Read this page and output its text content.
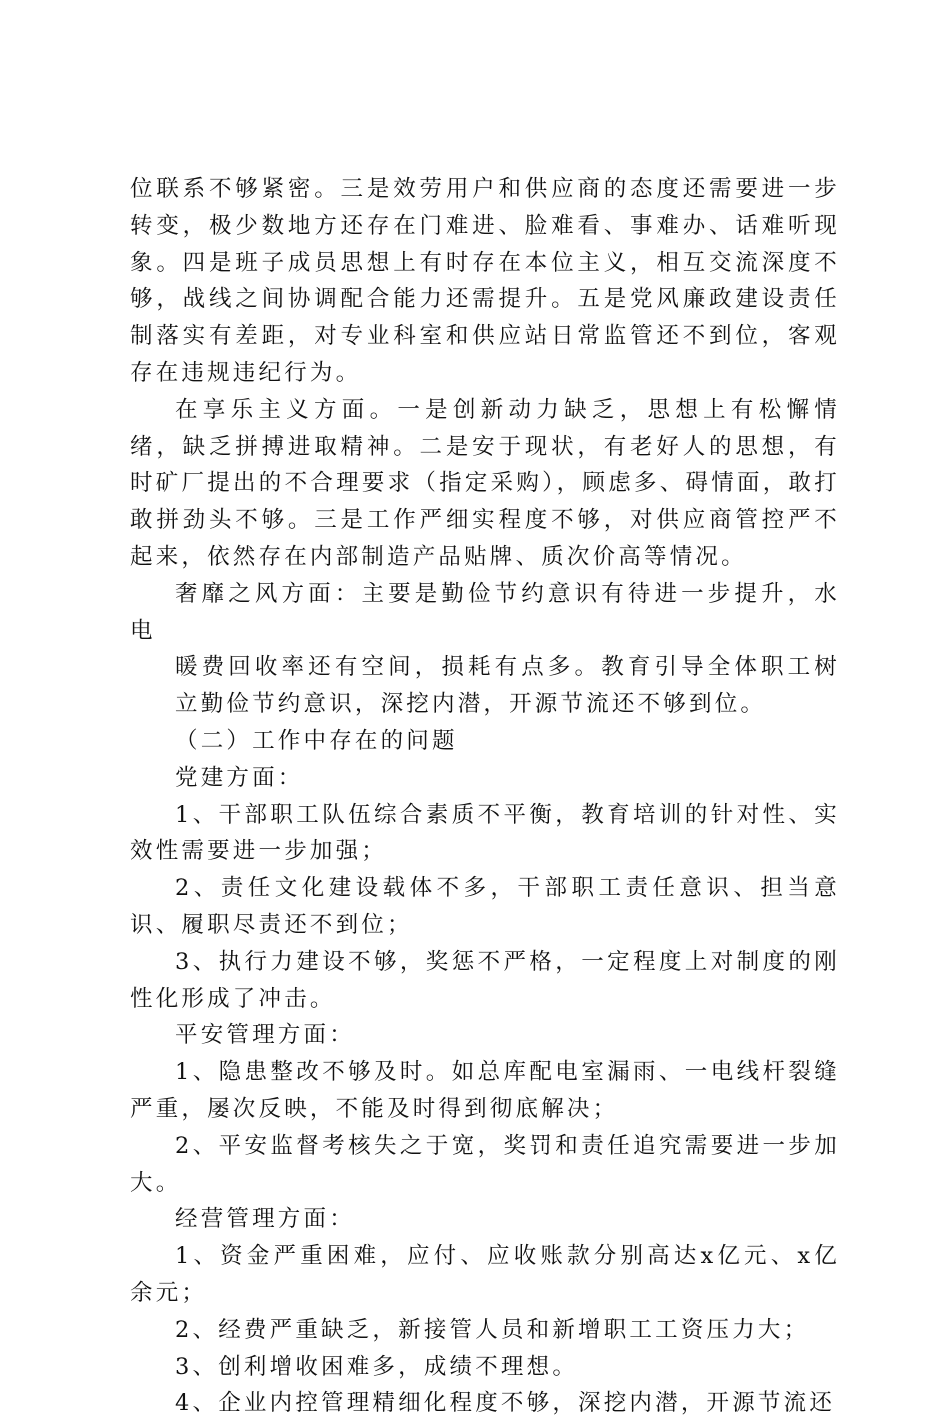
位联系不够紧密。三是效劳用户和供应商的态度还需要进一步转变，极少数地方还存在门难进、脸难看、事难办、话难听现象。四是班子成员思想上有时存在本位主义，相互交流深度不够，战线之间协调配合能力还需提升。五是党风廉政建设责任制落实有差距，对专业科室和供应站日常监管还不到位，客观存在违规违纪行为。

在享乐主义方面。一是创新动力缺乏，思想上有松懈情绪，缺乏拼搏进取精神。二是安于现状，有老好人的思想，有时矿厂提出的不合理要求（指定采购），顾虑多、碍情面，敢打敢拼劲头不够。三是工作严细实程度不够，对供应商管控严不起来，依然存在内部制造产品贴牌、质次价高等情况。

奢靡之风方面：主要是勤俭节约意识有待进一步提升，水电

暖费回收率还有空间，损耗有点多。教育引导全体职工树立勤俭节约意识，深挖内潜，开源节流还不够到位。

（二）工作中存在的问题

党建方面：

1、干部职工队伍综合素质不平衡，教育培训的针对性、实效性需要进一步加强；

2、责任文化建设载体不多，干部职工责任意识、担当意识、履职尽责还不到位；

3、执行力建设不够，奖惩不严格，一定程度上对制度的刚性化形成了冲击。

平安管理方面：

1、隐患整改不够及时。如总库配电室漏雨、一电线杆裂缝严重，屡次反映，不能及时得到彻底解决；

2、平安监督考核失之于宽，奖罚和责任追究需要进一步加大。

经营管理方面：

1、资金严重困难，应付、应收账款分别高达x亿元、x亿余元；

2、经费严重缺乏，新接管人员和新增职工工资压力大；

3、创利增收困难多，成绩不理想。

4、企业内控管理精细化程度不够，深挖内潜，开源节流还
